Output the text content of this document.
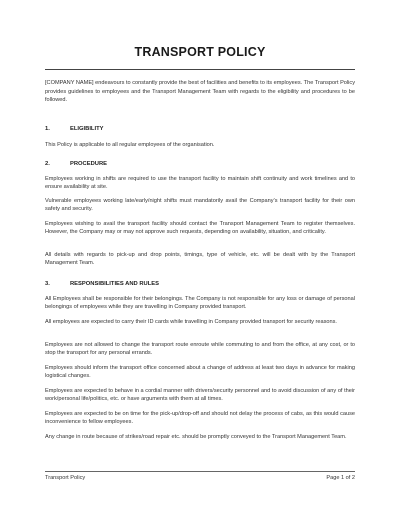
TRANSPORT POLICY

[COMPANY NAME] endeavours to constantly provide the best of facilities and benefits to its employees. The Transport Policy provides guidelines to employees and the Transport Management Team with regards to the eligibility and procedures to be followed.

1.	ELIGIBILITY

This Policy is applicable to all regular employees of the organisation.

2.	PROCEDURE

Employees working in shifts are required to use the transport facility to maintain shift continuity and work timelines and to ensure availability at site.

Vulnerable employees working late/early/night shifts must mandatorily avail the Company’s transport facility for their own safety and security.

Employees wishing to avail the transport facility should contact the Transport Management Team to register themselves. However, the Company may or may not approve such requests, depending on availability, situation, and criticality.

All details with regards to pick-up and drop points, timings, type of vehicle, etc. will be dealt with by the Transport Management Team.

3.	RESPONSIBILITIES AND RULES

All Employees shall be responsible for their belongings. The Company is not responsible for any loss or damage of personal belongings of employees while they are travelling in Company provided transport.

All employees are expected to carry their ID cards while travelling in Company provided transport for security reasons.

Employees are not allowed to change the transport route enroute while commuting to and from the office, at any cost, or to stop the transport for any personal errands.

Employees should inform the transport office concerned about a change of address at least two days in advance for making logistical changes.

Employees are expected to behave in a cordial manner with drivers/security personnel and to avoid discussion of any of their work/personal life/politics, etc. or have arguments with them at all times.

Employees are expected to be on time for the pick-up/drop-off and should not delay the process of cabs, as this would cause inconvenience to fellow employees.

Any change in route because of strikes/road repair etc. should be promptly conveyed to the Transport Management Team.

Transport Policy	Page 1 of 2
